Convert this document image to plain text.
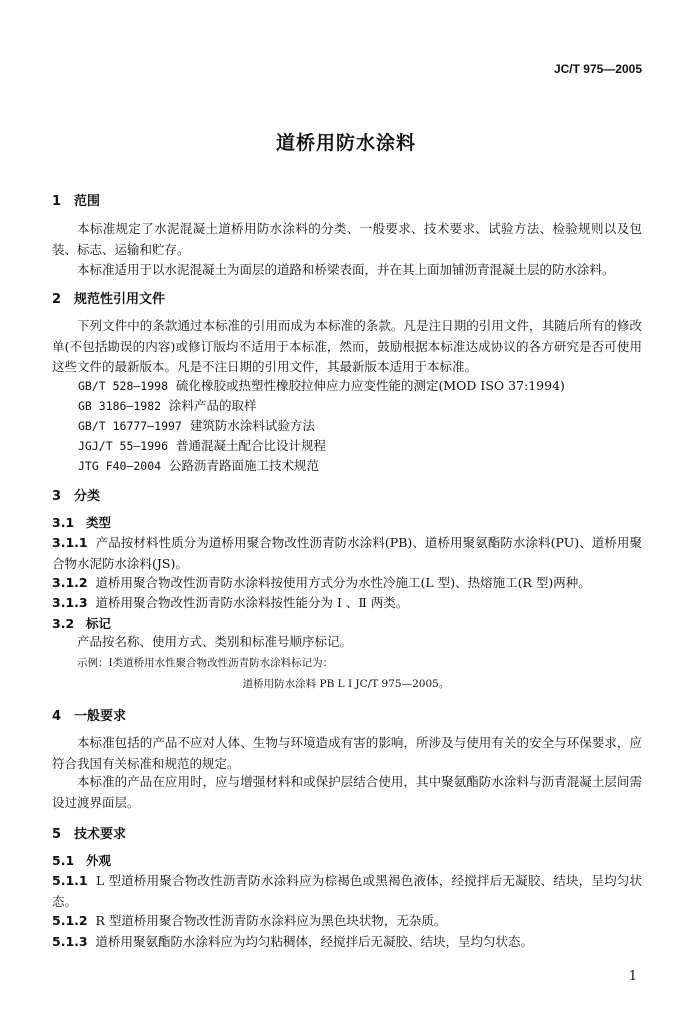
JC/T 975—2005
道桥用防水涂料
1 范围
本标准规定了水泥混凝土道桥用防水涂料的分类、一般要求、技术要求、试验方法、检验规则以及包装、标志、运输和贮存。
本标准适用于以水泥混凝土为面层的道路和桥梁表面，并在其上面加铺沥青混凝土层的防水涂料。
2 规范性引用文件
下列文件中的条款通过本标准的引用而成为本标准的条款。凡是注日期的引用文件，其随后所有的修改单(不包括勘误的内容)或修订版均不适用于本标准，然而，鼓励根据本标准达成协议的各方研究是否可使用这些文件的最新版本。凡是不注日期的引用文件，其最新版本适用于本标准。
GB/T 528—1998 硫化橡胶或热塑性橡胶拉伸应力应变性能的测定(MOD ISO 37:1994)
GB 3186—1982 涂料产品的取样
GB/T 16777—1997 建筑防水涂料试验方法
JGJ/T 55—1996 普通混凝土配合比设计规程
JTG F40—2004 公路沥青路面施工技术规范
3 分类
3.1 类型
3.1.1 产品按材料性质分为道桥用聚合物改性沥青防水涂料(PB)、道桥用聚氨酯防水涂料(PU)、道桥用聚合物水泥防水涂料(JS)。
3.1.2 道桥用聚合物改性沥青防水涂料按使用方式分为水性冷施工(L 型)、热熔施工(R 型)两种。
3.1.3 道桥用聚合物改性沥青防水涂料按性能分为 Ⅰ 、Ⅱ 两类。
3.2 标记
产品按名称、使用方式、类别和标准号顺序标记。
示例：Ⅰ类道桥用水性聚合物改性沥青防水涂料标记为：
道桥用防水涂料 PB L Ⅰ JC/T 975—2005。
4 一般要求
本标准包括的产品不应对人体、生物与环境造成有害的影响，所涉及与使用有关的安全与环保要求，应符合我国有关标准和规范的规定。
本标准的产品在应用时，应与增强材料和或保护层结合使用，其中聚氨酯防水涂料与沥青混凝土层间需设过渡界面层。
5 技术要求
5.1 外观
5.1.1 L 型道桥用聚合物改性沥青防水涂料应为棕褐色或黑褐色液体，经搅拌后无凝胶、结块，呈均匀状态。
5.1.2 R 型道桥用聚合物改性沥青防水涂料应为黑色块状物，无杂质。
5.1.3 道桥用聚氨酯防水涂料应为均匀粘稠体，经搅拌后无凝胶、结块，呈均匀状态。
1
